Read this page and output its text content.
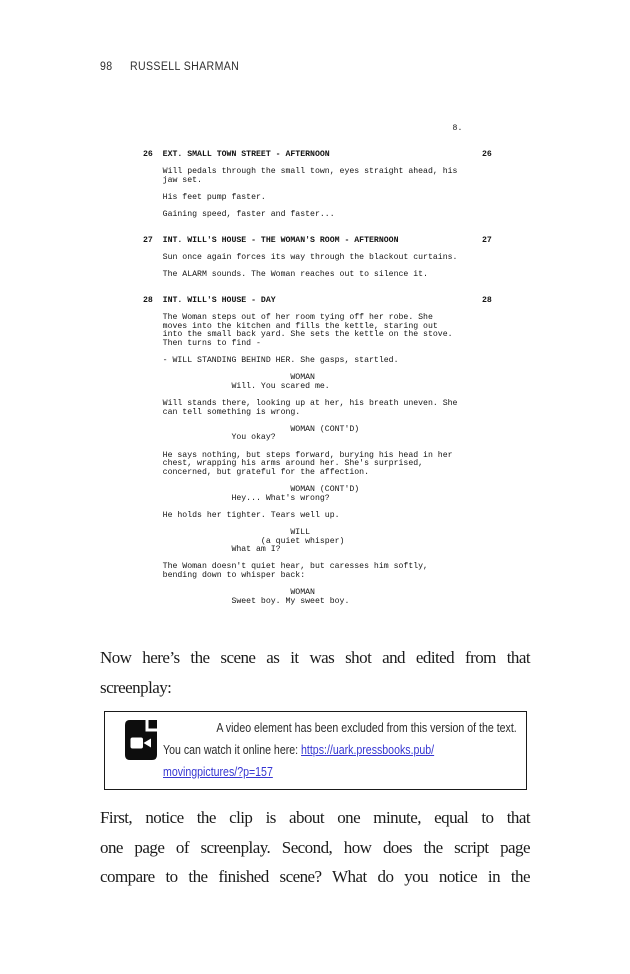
98 RUSSELL SHARMAN
8.

26  EXT. SMALL TOWN STREET - AFTERNOON                               26

Will pedals through the small town, eyes straight ahead, his
jaw set.

His feet pump faster.

Gaining speed, faster and faster...

27  INT. WILL'S HOUSE - THE WOMAN'S ROOM - AFTERNOON                 27

Sun once again forces its way through the blackout curtains.

The ALARM sounds. The Woman reaches out to silence it.

28  INT. WILL'S HOUSE - DAY                                          28

The Woman steps out of her room tying off her robe. She
moves into the kitchen and fills the kettle, staring out
into the small back yard. She sets the kettle on the stove.
Then turns to find -

- WILL STANDING BEHIND HER. She gasps, startled.

WOMAN
Will. You scared me.

Will stands there, looking up at her, his breath uneven. She
can tell something is wrong.

WOMAN (CONT'D)
You okay?

He says nothing, but steps forward, burying his head in her
chest, wrapping his arms around her. She's surprised,
concerned, but grateful for the affection.

WOMAN (CONT'D)
Hey... What's wrong?

He holds her tighter. Tears well up.

WILL
(a quiet whisper)
What am I?

The Woman doesn't quiet hear, but caresses him softly,
bending down to whisper back:

WOMAN
Sweet boy. My sweet boy.

Now here’s the scene as it was shot and edited from that
screenplay:
A video element has been excluded from this version of the text.
You can watch it online here: https://uark.pressbooks.pub/
movingpictures/?p=157
First, notice the clip is about one minute, equal to that
one page of screenplay. Second, how does the script page
compare to the finished scene? What do you notice in the
